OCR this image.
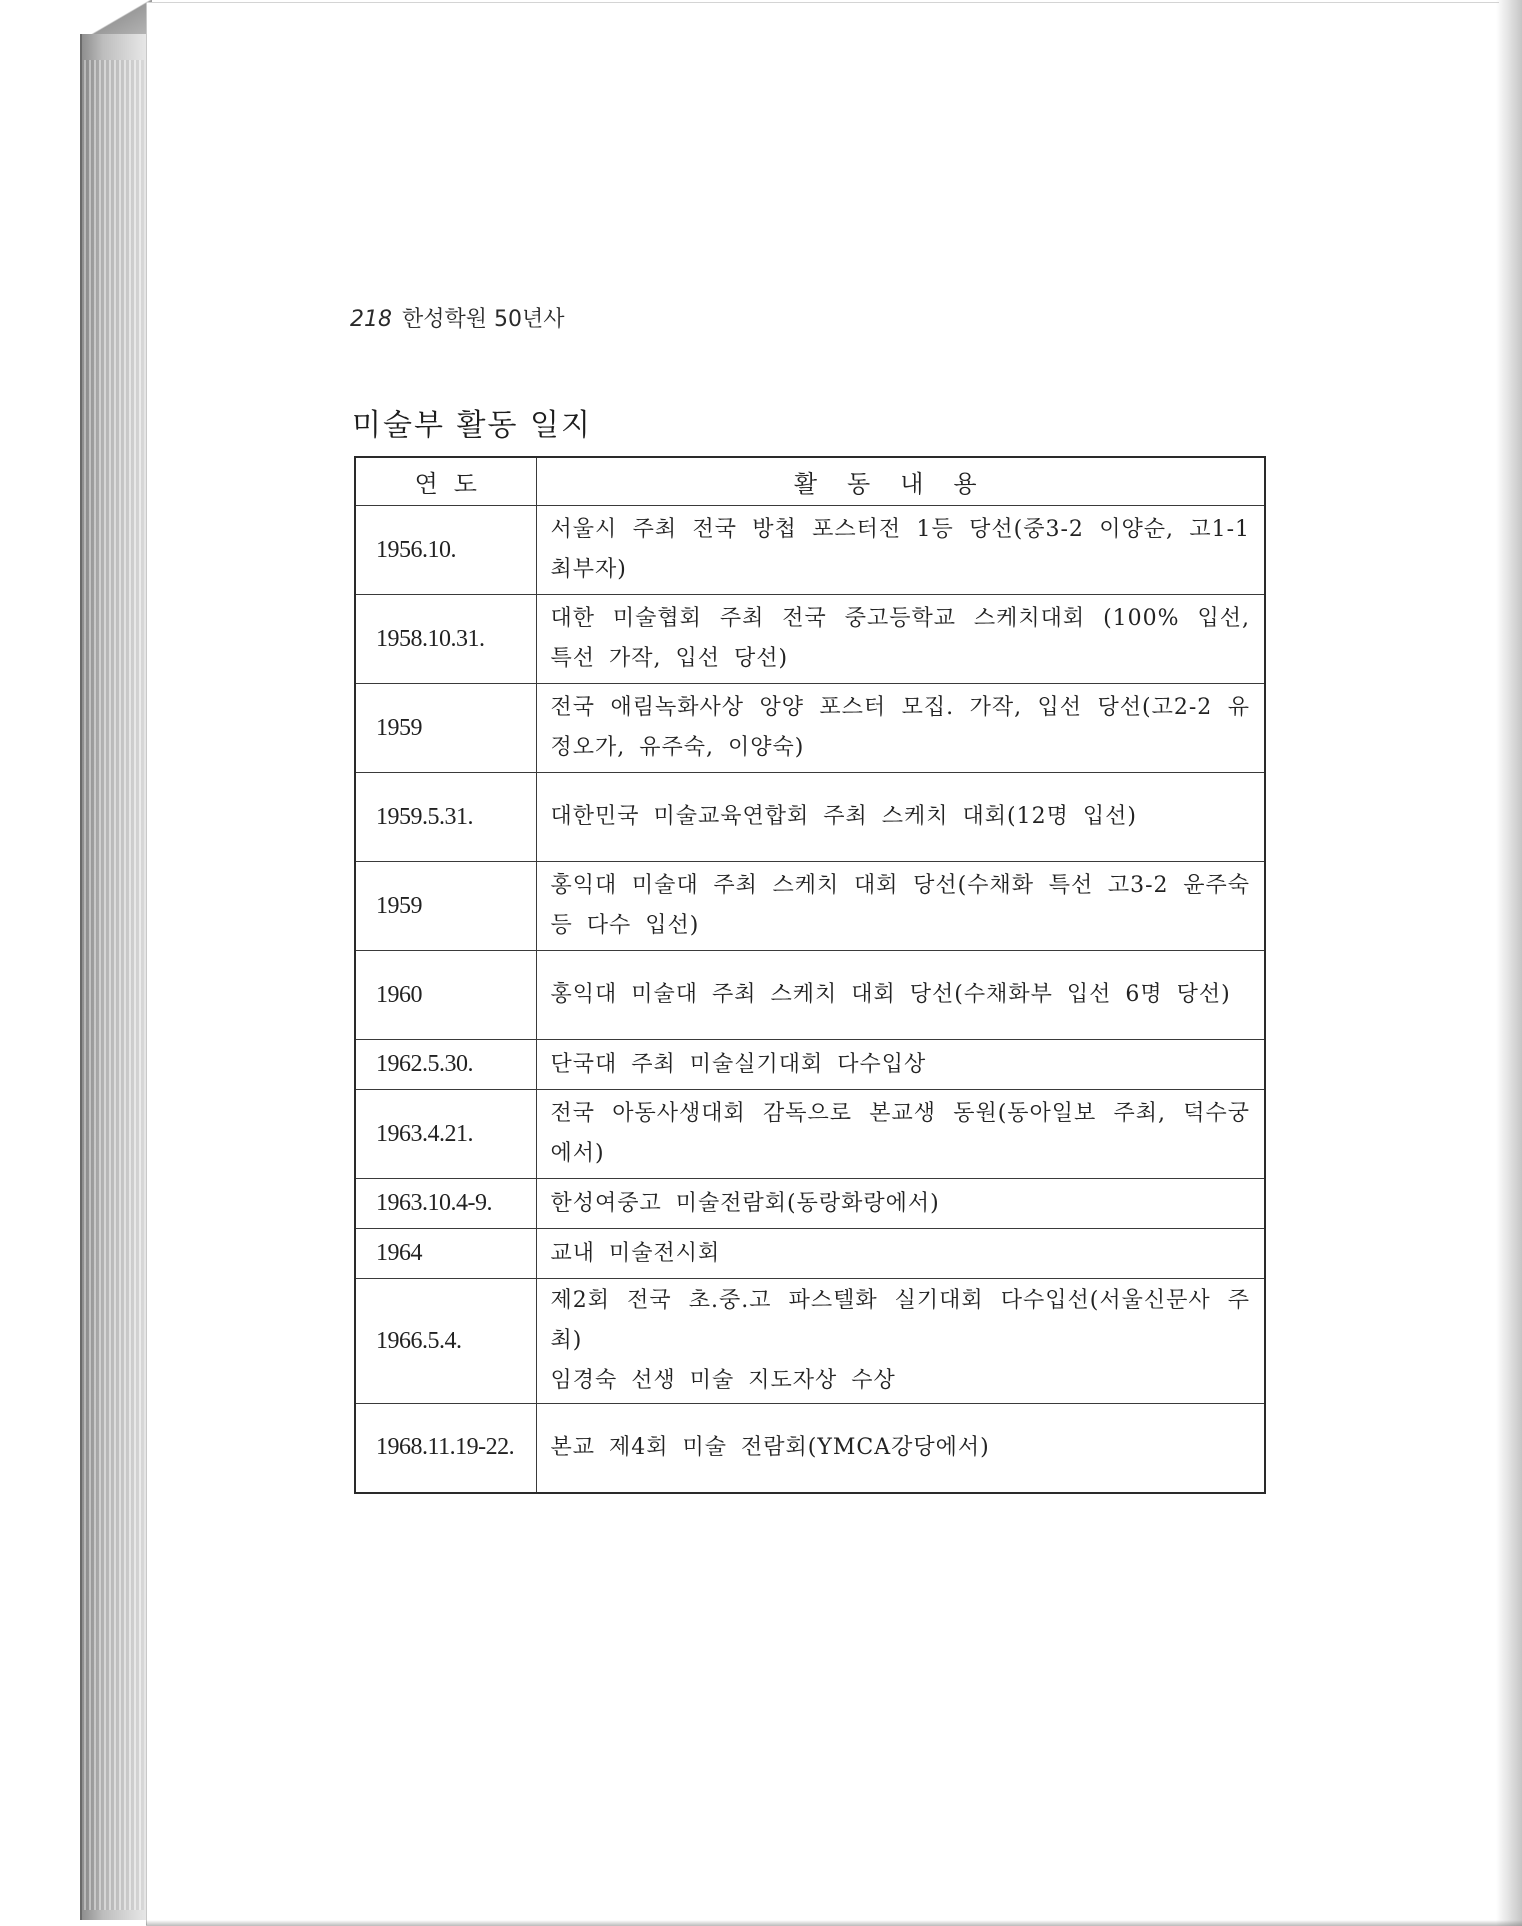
218 한성학원 50년사
미술부 활동 일지
연도	활동내용
1956.10.	서울시 주최 전국 방첩 포스터전 1등 당선(중3-2 이양순, 고1-1 최부자)

1958.10.31.	대한 미술협회 주최 전국 중고등학교 스케치대회 (100% 입선, 특선 가작, 입선 당선)

1959	전국 애림녹화사상 앙양 포스터 모집. 가작, 입선 당선(고2-2 유정오가, 유주숙, 이양숙)

1959.5.31.	대한민국 미술교육연합회 주최 스케치 대회(12명 입선)

1959	홍익대 미술대 주최 스케치 대회 당선(수채화 특선 고3-2 윤주숙 등 다수 입선)

1960	홍익대 미술대 주최 스케치 대회 당선(수채화부 입선 6명 당선)

1962.5.30.	단국대 주최 미술실기대회 다수입상

1963.4.21.	전국 아동사생대회 감독으로 본교생 동원(동아일보 주최, 덕수궁에서)

1963.10.4-9.	한성여중고 미술전람회(동랑화랑에서)

1964	교내 미술전시회

1966.5.4.	제2회 전국 초.중.고 파스텔화 실기대회 다수입선(서울신문사 주최)
임경숙 선생 미술 지도자상 수상

1968.11.19-22.	본교 제4회 미술 전람회(YMCA강당에서)
